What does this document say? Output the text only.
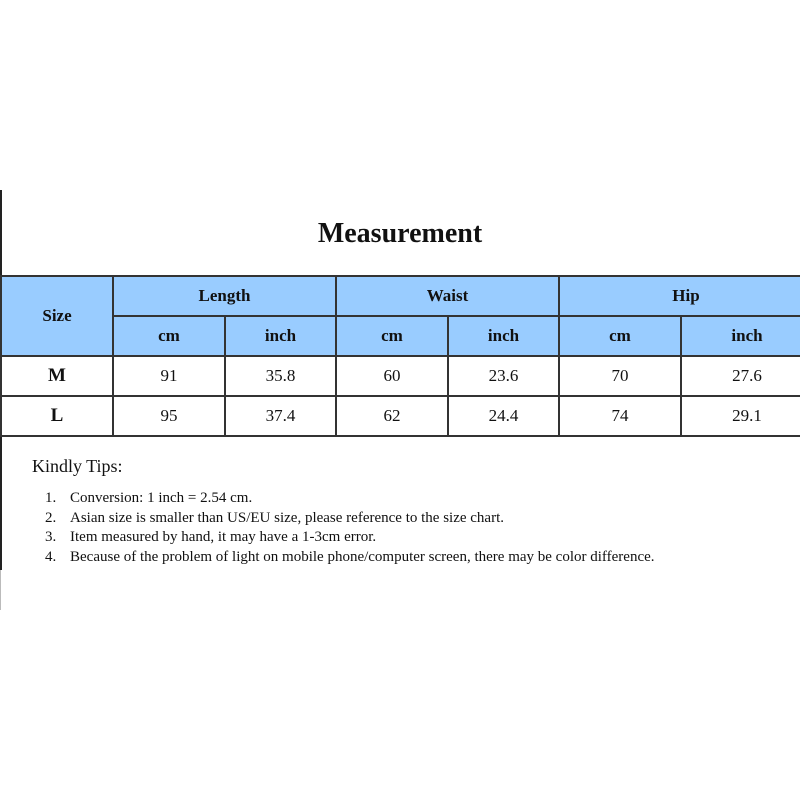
Measurement
Size	Length		Waist		Hip	
	cm	inch	cm	inch	cm	inch
M	91	35.8	60	23.6	70	27.6
L	95	37.4	62	24.4	74	29.1
Kindly Tips:
1. Conversion: 1 inch = 2.54 cm.
2. Asian size is smaller than US/EU size, please reference to the size chart.
3. Item measured by hand, it may have a 1-3cm error.
4. Because of the problem of light on mobile phone/computer screen, there may be color difference.
